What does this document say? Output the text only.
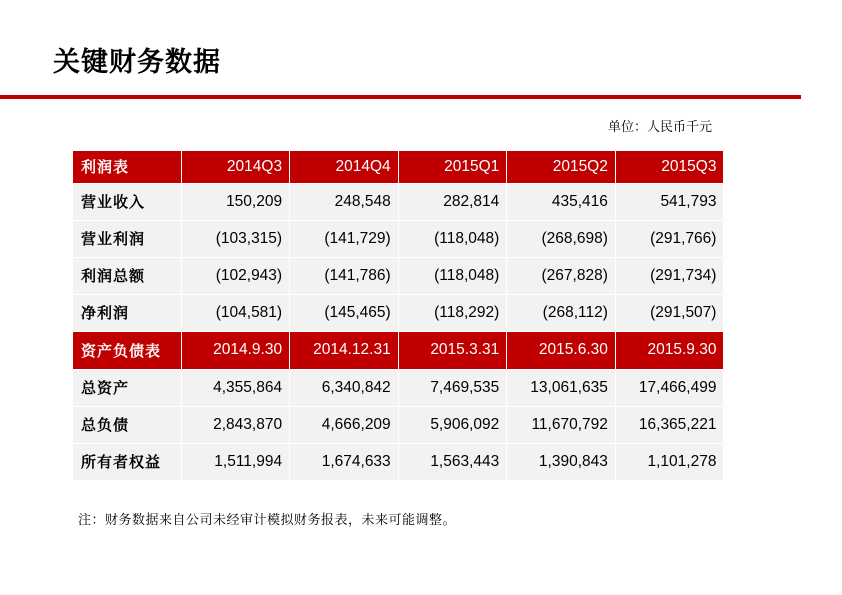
关键财务数据
单位：人民币千元
利润表	2014Q3	2014Q4	2015Q1	2015Q2	2015Q3
营业收入	150,209	248,548	282,814	435,416	541,793
营业利润	(103,315)	(141,729)	(118,048)	(268,698)	(291,766)
利润总额	(102,943)	(141,786)	(118,048)	(267,828)	(291,734)
净利润	(104,581)	(145,465)	(118,292)	(268,112)	(291,507)
资产负债表	2014.9.30	2014.12.31	2015.3.31	2015.6.30	2015.9.30
总资产	4,355,864	6,340,842	7,469,535	13,061,635	17,466,499
总负债	2,843,870	4,666,209	5,906,092	11,670,792	16,365,221
所有者权益	1,511,994	1,674,633	1,563,443	1,390,843	1,101,278
注：财务数据来自公司未经审计模拟财务报表，未来可能调整。
